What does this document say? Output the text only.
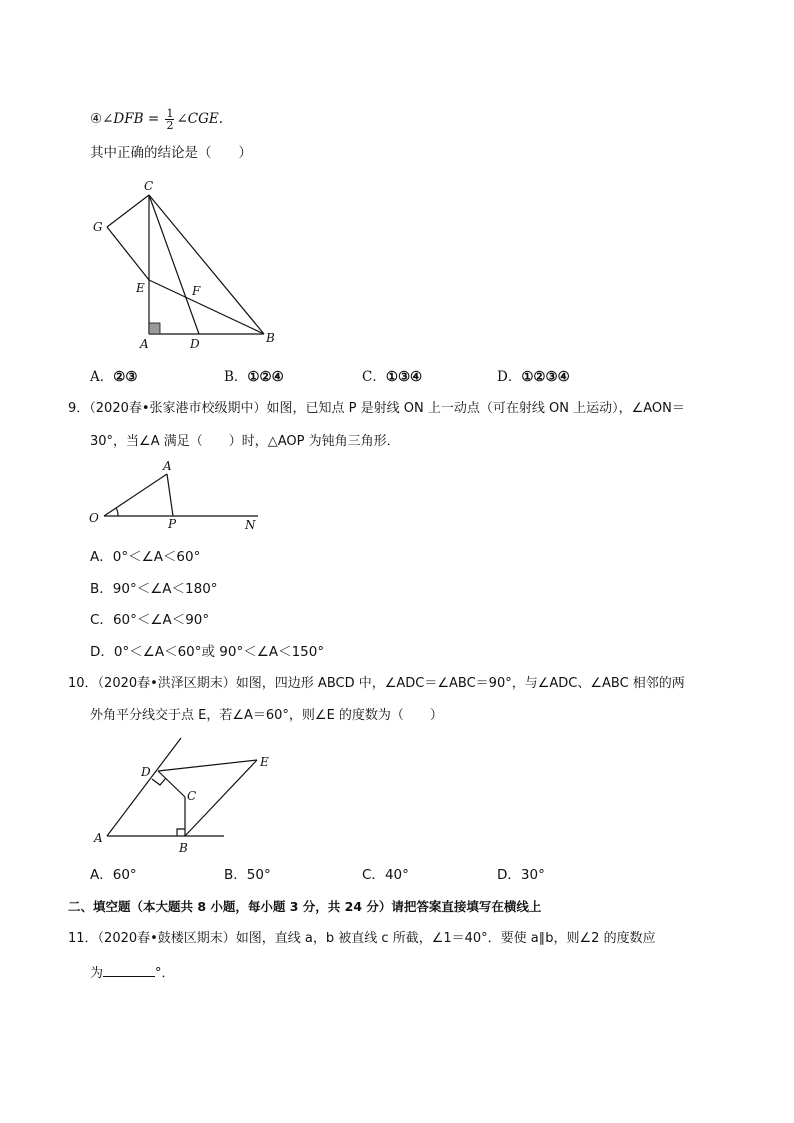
④∠DFB = $\frac{1}{2}$ ∠CGE.
其中正确的结论是（　　）
C
G
E	F
A	D	B
A
O	P	N
D
E
C
A
B
A．②③	B．①②④	C．①③④	D．①②③④
9．（2020春•张家港市校级期中）如图，已知点 P 是射线 ON 上一动点（可在射线 ON 上运动），∠AON＝
30°，当∠A 满足（　　）时，△AOP 为钝角三角形．
A．0°＜∠A＜60°
B．90°＜∠A＜180°
C．60°＜∠A＜90°
D．0°＜∠A＜60°或 90°＜∠A＜150°
10．（2020春•洪泽区期末）如图，四边形 ABCD 中，∠ADC＝∠ABC＝90°，与∠ADC、∠ABC 相邻的两
外角平分线交于点 E，若∠A＝60°，则∠E 的度数为（　　）
A．60°	B．50°	C．40°	D．30°
二、填空题（本大题共 8 小题，每小题 3 分，共 24 分）请把答案直接填写在横线上
11．（2020春•鼓楼区期末）如图，直线 a，b 被直线 c 所截，∠1＝40°．要使 a∥b，则∠2 的度数应
为	°．
